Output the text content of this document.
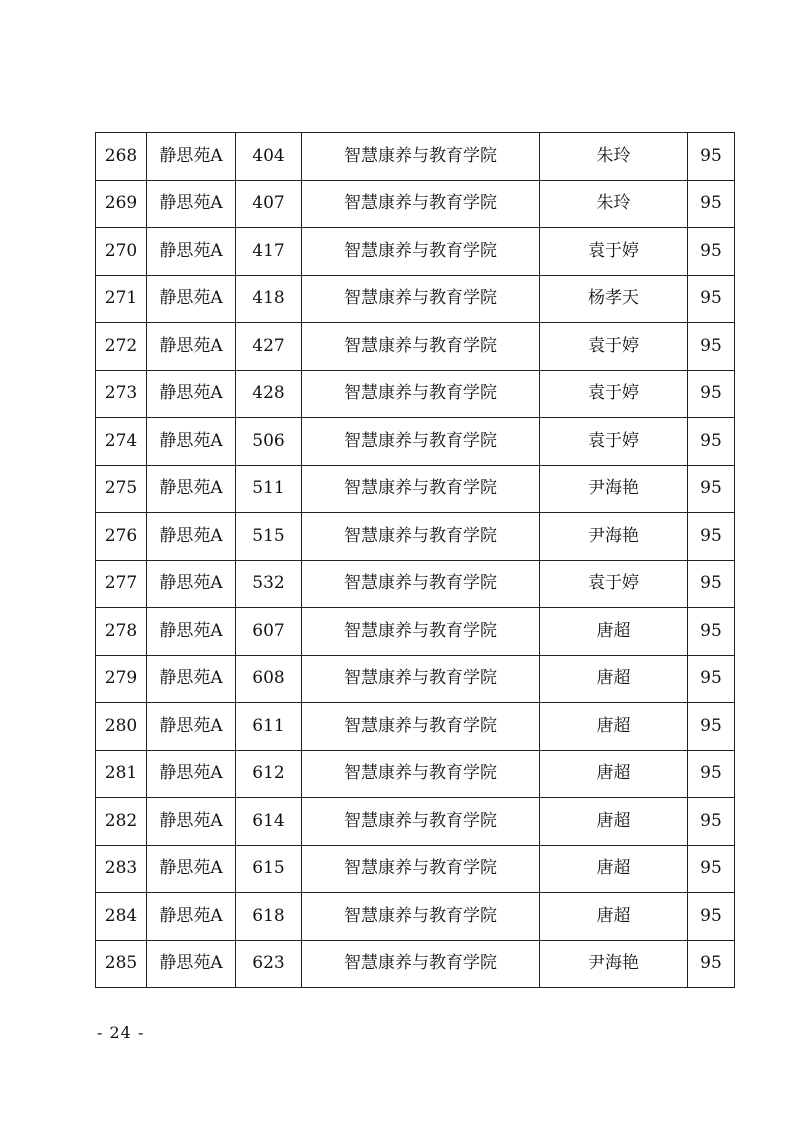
268	静思苑A	404	智慧康养与教育学院	朱玲	95
269	静思苑A	407	智慧康养与教育学院	朱玲	95
270	静思苑A	417	智慧康养与教育学院	袁于婷	95
271	静思苑A	418	智慧康养与教育学院	杨孝天	95
272	静思苑A	427	智慧康养与教育学院	袁于婷	95
273	静思苑A	428	智慧康养与教育学院	袁于婷	95
274	静思苑A	506	智慧康养与教育学院	袁于婷	95
275	静思苑A	511	智慧康养与教育学院	尹海艳	95
276	静思苑A	515	智慧康养与教育学院	尹海艳	95
277	静思苑A	532	智慧康养与教育学院	袁于婷	95
278	静思苑A	607	智慧康养与教育学院	唐超	95
279	静思苑A	608	智慧康养与教育学院	唐超	95
280	静思苑A	611	智慧康养与教育学院	唐超	95
281	静思苑A	612	智慧康养与教育学院	唐超	95
282	静思苑A	614	智慧康养与教育学院	唐超	95
283	静思苑A	615	智慧康养与教育学院	唐超	95
284	静思苑A	618	智慧康养与教育学院	唐超	95
285	静思苑A	623	智慧康养与教育学院	尹海艳	95
- 24 -
